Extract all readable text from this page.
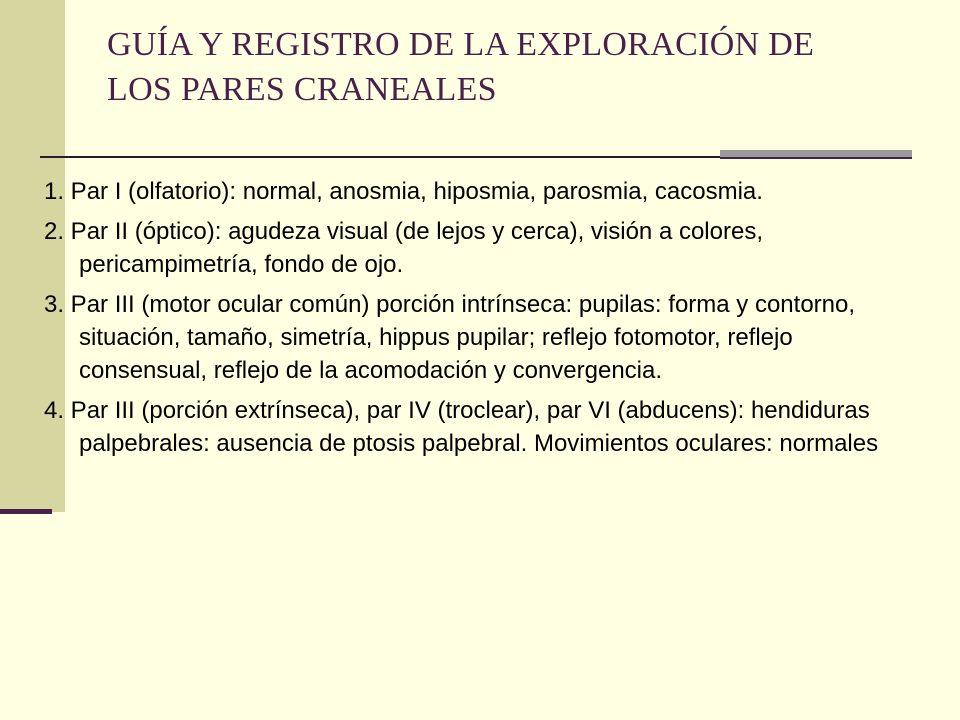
GUÍA Y REGISTRO DE LA EXPLORACIÓN DE
LOS PARES CRANEALES
1. Par I (olfatorio): normal, anosmia, hiposmia, parosmia, cacosmia.
2. Par II (óptico): agudeza visual (de lejos y cerca), visión a colores, pericampimetría, fondo de ojo.
3. Par III (motor ocular común) porción intrínseca: pupilas: forma y contorno, situación, tamaño, simetría, hippus pupilar; reflejo fotomotor, reflejo consensual, reflejo de la acomodación y convergencia.
4. Par III (porción extrínseca), par IV (troclear), par VI (abducens): hendiduras palpebrales: ausencia de ptosis palpebral. Movimientos oculares: normales
